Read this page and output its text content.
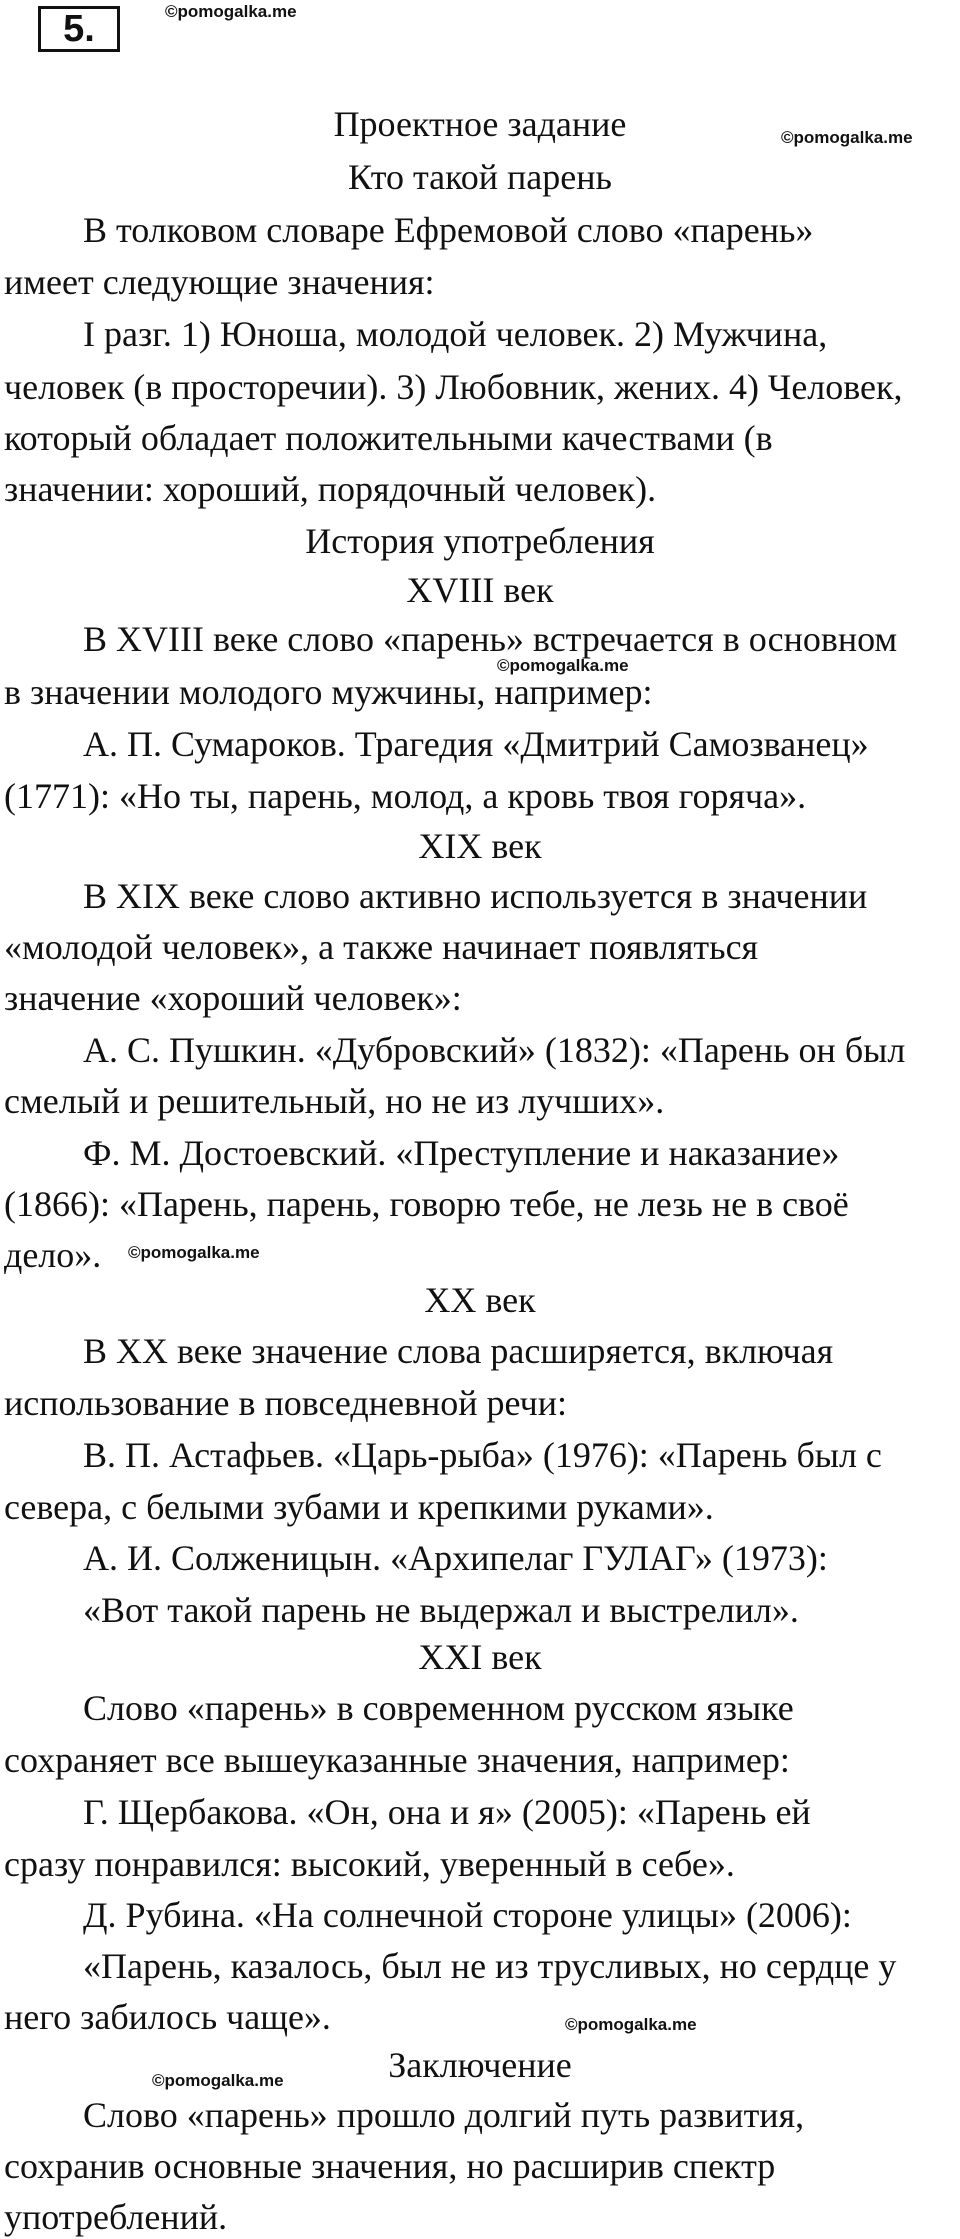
5.	©pomogalka.me
©pomogalka.me
©pomogalka.me
©pomogalka.me
©pomogalka.me
©pomogalka.me
Проектное задание
Кто такой парень
В толковом словаре Ефремовой слово «парень»
имеет следующие значения:
I разг. 1) Юноша, молодой человек. 2) Мужчина,
человек (в просторечии). 3) Любовник, жених. 4) Человек,
который обладает положительными качествами (в
значении: хороший, порядочный человек).
История употребления
XVIII век
В XVIII веке слово «парень» встречается в основном
в значении молодого мужчины, например:
А. П. Сумароков. Трагедия «Дмитрий Самозванец»
(1771): «Но ты, парень, молод, а кровь твоя горяча».
XIX век
В XIX веке слово активно используется в значении
«молодой человек», а также начинает появляться
значение «хороший человек»:
А. С. Пушкин. «Дубровский» (1832): «Парень он был
смелый и решительный, но не из лучших».
Ф. М. Достоевский. «Преступление и наказание»
(1866): «Парень, парень, говорю тебе, не лезь не в своё
дело».
XX век
В XX веке значение слова расширяется, включая
использование в повседневной речи:
В. П. Астафьев. «Царь-рыба» (1976): «Парень был с
севера, с белыми зубами и крепкими руками».
А. И. Солженицын. «Архипелаг ГУЛАГ» (1973):
«Вот такой парень не выдержал и выстрелил».
XXI век
Слово «парень» в современном русском языке
сохраняет все вышеуказанные значения, например:
Г. Щербакова. «Он, она и я» (2005): «Парень ей
сразу понравился: высокий, уверенный в себе».
Д. Рубина. «На солнечной стороне улицы» (2006):
«Парень, казалось, был не из трусливых, но сердце у
него забилось чаще».
Заключение
Слово «парень» прошло долгий путь развития,
сохранив основные значения, но расширив спектр
употреблений.
